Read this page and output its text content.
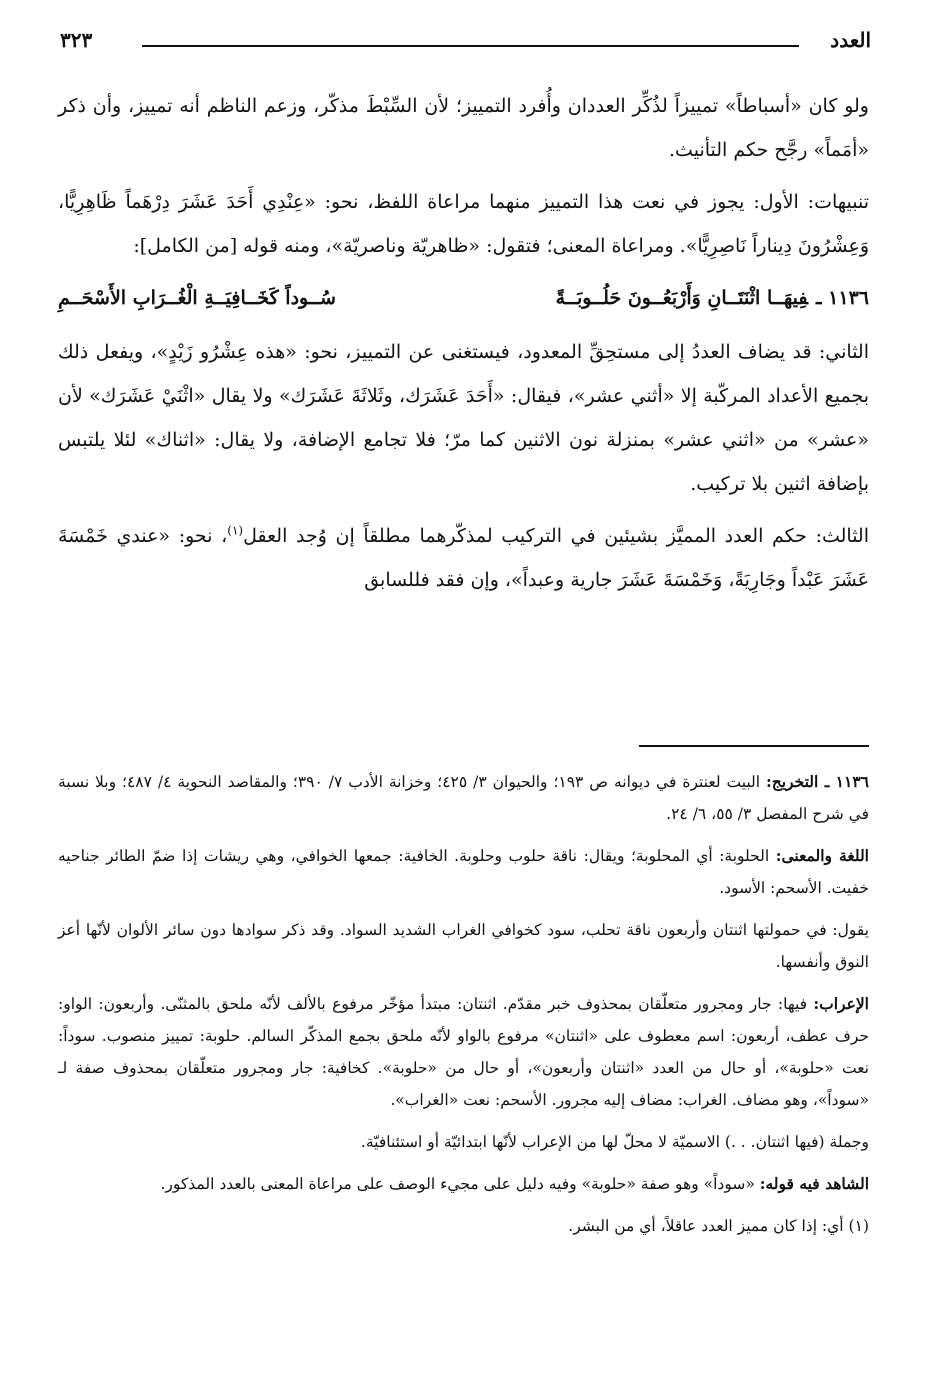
العدد
٣٢٣

ولو كان «أسباطاً» تمييزاً لذُكِّر العددان وأُفرد التمييز؛ لأن السِّبْطَ مذكّر، وزعم الناظم أنه تمييز، وأن ذكر «أمَماً» رجَّح حكم التأنيث.

تنبيهات: الأول: يجوز في نعت هذا التمييز منهما مراعاة اللفظ، نحو: «عِنْدِي أَحَدَ عَشَرَ دِرْهَماً ظَاهِرِيًّا، وَعِشْرُونَ دِيناراً نَاصِرِيًّا». ومراعاة المعنى؛ فتقول: «ظاهريّة وناصريّة»، ومنه قوله [من الكامل]:

١١٣٦ ـفِيهَــا اثْنَتَــانِ وَأَرْبَعُــونَ حَلُــوبَــةً
سُــوداً كَخَــافِيَــةِ الْغُــرَابِ الأَسْحَــمِ

الثاني: قد يضاف العددُ إلى مستحِقِّ المعدود، فيستغنى عن التمييز، نحو: «هذه عِشْرُو زَيْدٍ»، ويفعل ذلك بجميع الأعداد المركّبة إلا «أثني عشر»، فيقال: «أَحَدَ عَشَرَك، وثَلاثَةَ عَشَرَك» ولا يقال «اثْنَيْ عَشَرَك» لأن «عشر» من «اثني عشر» بمنزلة نون الاثنين كما مرّ؛ فلا تجامع الإضافة، ولا يقال: «اثناك» لئلا يلتبس بإضافة اثنين بلا تركيب.

الثالث: حكم العدد المميَّز بشيئين في التركيب لمذكّرهما مطلقاً إن وُجد العقل$^{(١)}$، نحو: «عندي خَمْسَةَ عَشَرَ عَبْداً وجَارِيَةً، وَخَمْسَةَ عَشَرَ جارية وعبداً»، وإن فقد فللسابق

١١٣٦ ـ التخريج: البيت لعنترة في ديوانه ص ١٩٣؛ والحيوان ٣/ ٤٢٥؛ وخزانة الأدب ٧/ ٣٩٠؛ والمقاصد النحوية ٤/ ٤٨٧؛ وبلا نسبة في شرح المفصل ٣/ ٥٥، ٦/ ٢٤.

اللغة والمعنى: الحلوبة: أي المحلوبة؛ ويقال: ناقة حلوب وحلوبة. الخافية: جمعها الخوافي، وهي ريشات إذا ضمّ الطائر جناحيه خفيت. الأسحم: الأسود.

يقول: في حمولتها اثنتان وأربعون ناقة تحلب، سود كخوافي الغراب الشديد السواد. وقد ذكر سوادها دون سائر الألوان لأنّها أعز النوق وأنفسها.

الإعراب: فيها: جار ومجرور متعلّقان بمحذوف خبر مقدّم. اثنتان: مبتدأ مؤخّر مرفوع بالألف لأنّه ملحق بالمثنّى. وأربعون: الواو: حرف عطف، أربعون: اسم معطوف على «اثنتان» مرفوع بالواو لأنّه ملحق بجمع المذكّر السالم. حلوبة: تمييز منصوب. سوداً: نعت «حلوبة»، أو حال من العدد «اثنتان وأربعون»، أو حال من «حلوبة». كخافية: جار ومجرور متعلّقان بمحذوف صفة لـ «سوداً»، وهو مضاف. الغراب: مضاف إليه مجرور. الأسحم: نعت «الغراب».

وجملة (فيها اثنتان. . .) الاسميّة لا محلّ لها من الإعراب لأنّها ابتدائيّة أو استئنافيّة.

الشاهد فيه قوله: «سوداً» وهو صفة «حلوبة» وفيه دليل على مجيء الوصف على مراعاة المعنى بالعدد المذكور.

(١) أي: إذا كان مميز العدد عاقلاً، أي من البشر.
